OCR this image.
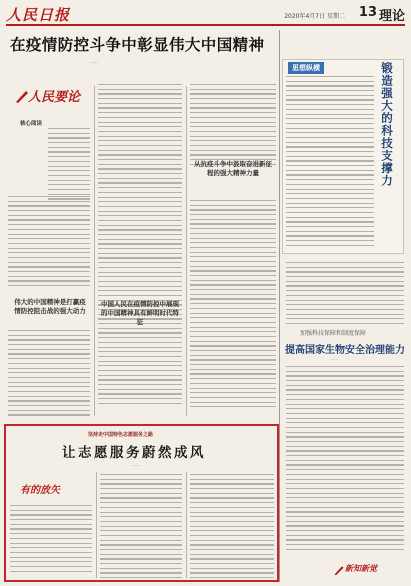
人民日报	2020年4月7日 星期二 13 理论
在疫情防控斗争中彰显伟大中国精神
……
人民要论
核心阅读
伟大的中国精神是打赢疫情防控阻击战的强大动力
中国人民在疫情防控中展现的中国精神具有鲜明时代特征
从抗疫斗争中汲取奋进新征程的强大精神力量
思想纵横	锻造强大的科技支撑力
加强科技保障和制度保障
提高国家生物安全治理能力
……
新知新觉
坚持走中国特色志愿服务之路
让志愿服务蔚然成风
……
有的放矢
